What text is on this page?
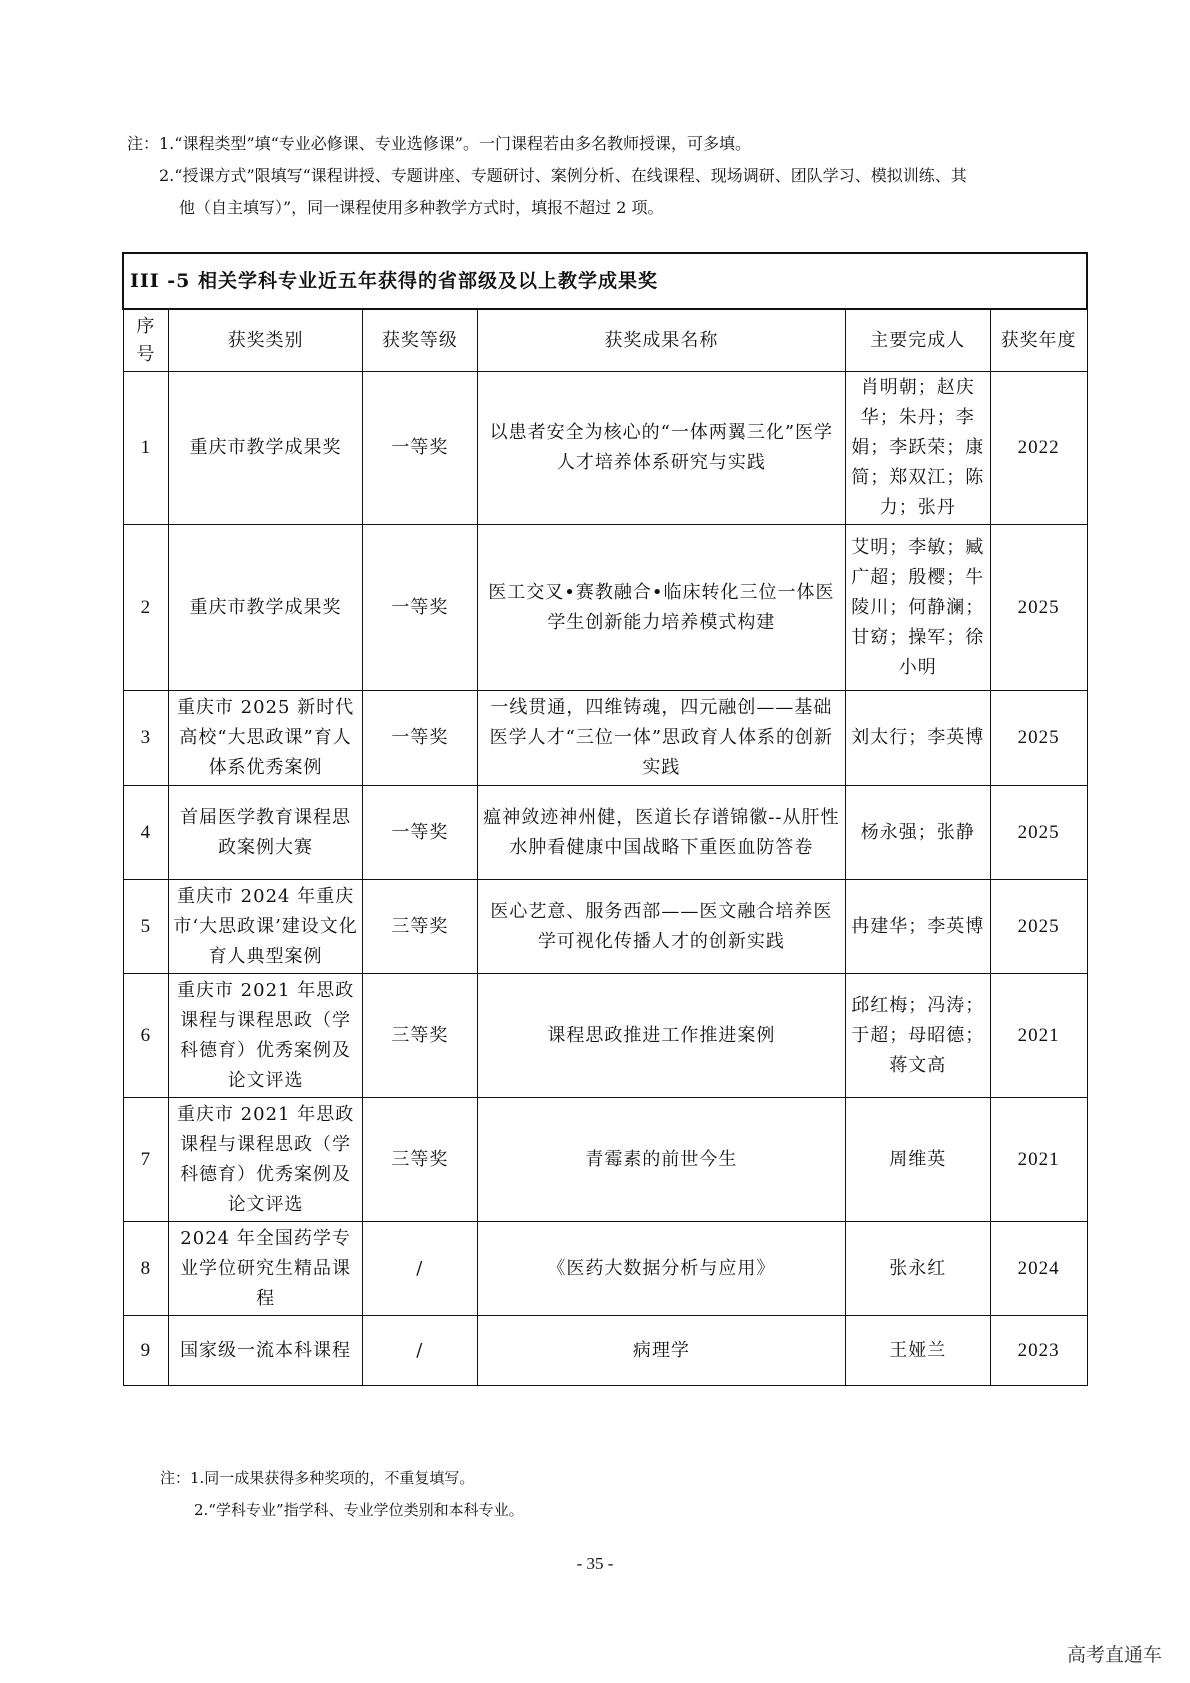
注：1.“课程类型”填“专业必修课、专业选修课”。一门课程若由多名教师授课，可多填。

2.“授课方式”限填写“课程讲授、专题讲座、专题研讨、案例分析、在线课程、现场调研、团队学习、模拟训练、其

他（自主填写）”，同一课程使用多种教学方式时，填报不超过 2 项。

III -5 相关学科专业近五年获得的省部级及以上教学成果奖					
序号	获奖类别	获奖等级	获奖成果名称	主要完成人	获奖年度
1	重庆市教学成果奖	一等奖	以患者安全为核心的“一体两翼三化”医学人才培养体系研究与实践	肖明朝；赵庆华；朱丹；李娟；李跃荣；康简；郑双江；陈力；张丹	2022
2	重庆市教学成果奖	一等奖	医工交叉•赛教融合•临床转化三位一体医学生创新能力培养模式构建	艾明；李敏；臧广超；殷樱；牛陵川；何静澜；甘窈；操军；徐小明	2025
3	重庆市 2025 新时代高校“大思政课”育人体系优秀案例	一等奖	一线贯通，四维铸魂，四元融创——基础医学人才“三位一体”思政育人体系的创新实践	刘太行；李英博	2025
4	首届医学教育课程思政案例大赛	一等奖	瘟神敛迹神州健，医道长存谱锦徽--从肝性水肿看健康中国战略下重医血防答卷	杨永强；张静	2025
5	重庆市 2024 年重庆市‘大思政课’建设文化育人典型案例	三等奖	医心艺意、服务西部——医文融合培养医学可视化传播人才的创新实践	冉建华；李英博	2025
6	重庆市 2021 年思政课程与课程思政（学科德育）优秀案例及论文评选	三等奖	课程思政推进工作推进案例	邱红梅；冯涛；于超；母昭德；蒋文高	2021
7	重庆市 2021 年思政课程与课程思政（学科德育）优秀案例及论文评选	三等奖	青霉素的前世今生	周维英	2021
8	2024 年全国药学专业学位研究生精品课程	/	《医药大数据分析与应用》	张永红	2024
9	国家级一流本科课程	/	病理学	王娅兰	2023

注：1.同一成果获得多种奖项的，不重复填写。

2.“学科专业”指学科、专业学位类别和本科专业。

- 35 -
高考直通车
